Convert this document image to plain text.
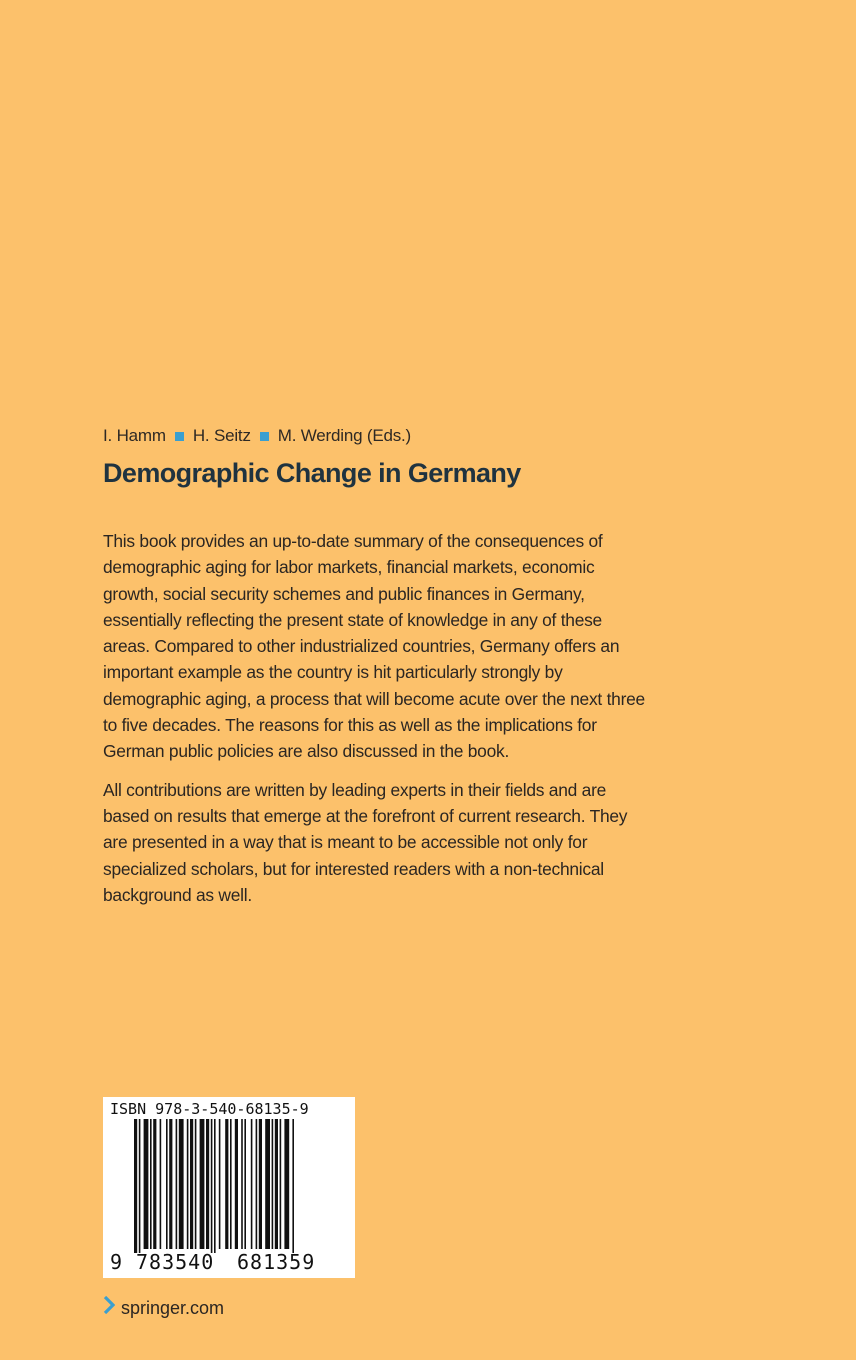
I. Hamm H. Seitz M. Werding (Eds.)
Demographic Change in Germany

This book provides an up-to-date summary of the consequences of demographic aging for labor markets, financial markets, economic growth, social security schemes and public finances in Germany, essentially reflecting the present state of knowledge in any of these areas. Compared to other industrialized countries, Germany offers an important example as the country is hit particularly strongly by demographic aging, a process that will become acute over the next three to five decades. The reasons for this as well as the implications for German public policies are also discussed in the book.

All contributions are written by leading experts in their fields and are based on results that emerge at the forefront of current research. They are presented in a way that is meant to be accessible not only for specialized scholars, but for interested readers with a non-technical background as well.

ISBN 978-3-540-68135-9
9 783540 681359
springer.com
